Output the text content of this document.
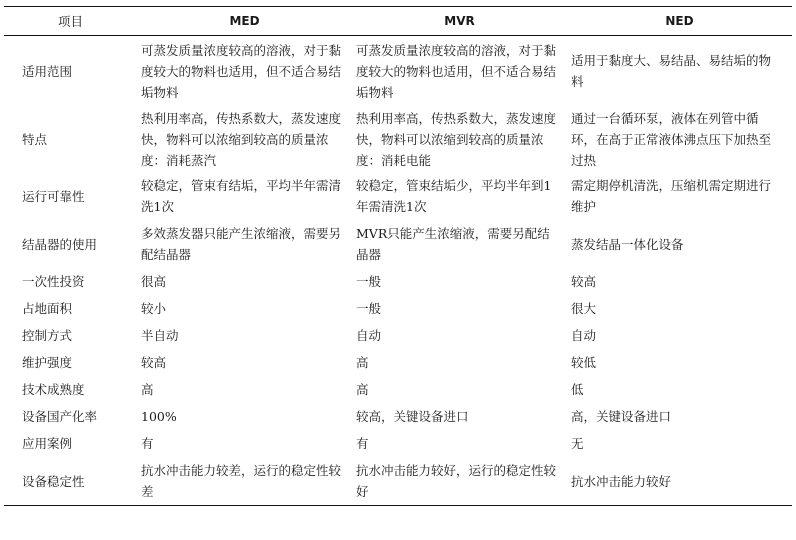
项目	MED	MVR	NED
适用范围	可蒸发质量浓度较高的溶液，对于黏度较大的物料也适用，但不适合易结垢物料	可蒸发质量浓度较高的溶液，对于黏度较大的物料也适用，但不适合易结垢物料	适用于黏度大、易结晶、易结垢的物料
特点	热利用率高，传热系数大，蒸发速度快，物料可以浓缩到较高的质量浓度：消耗蒸汽	热利用率高，传热系数大，蒸发速度快，物料可以浓缩到较高的质量浓度：消耗电能	通过一台循环泵，液体在列管中循环，在高于正常液体沸点压下加热至过热
运行可靠性	较稳定，管束有结垢，平均半年需清洗1次	较稳定，管束结垢少，平均半年到1年需清洗1次	需定期停机清洗，压缩机需定期进行维护
结晶器的使用	多效蒸发器只能产生浓缩液，需要另配结晶器	MVR只能产生浓缩液，需要另配结晶器	蒸发结晶一体化设备
一次性投资	很高	一般	较高
占地面积	较小	一般	很大
控制方式	半自动	自动	自动
维护强度	较高	高	较低
技术成熟度	高	高	低
设备国产化率	100%	较高，关键设备进口	高，关键设备进口
应用案例	有	有	无
设备稳定性	抗水冲击能力较差，运行的稳定性较差	抗水冲击能力较好，运行的稳定性较好	抗水冲击能力较好
